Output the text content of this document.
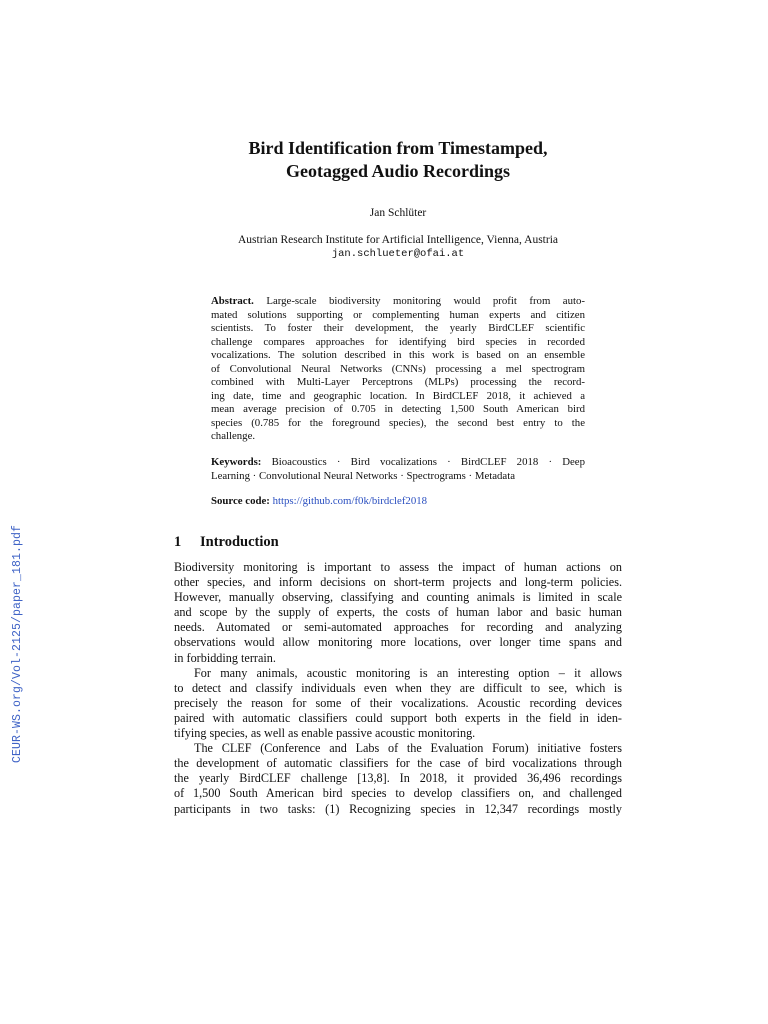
CEUR-WS.org/Vol-2125/paper_181.pdf
Bird Identification from Timestamped,
Geotagged Audio Recordings
Jan Schlüter
Austrian Research Institute for Artificial Intelligence, Vienna, Austria
jan.schlueter@ofai.at
Abstract. Large-scale biodiversity monitoring would profit from auto-
mated solutions supporting or complementing human experts and citizen
scientists. To foster their development, the yearly BirdCLEF scientific
challenge compares approaches for identifying bird species in recorded
vocalizations. The solution described in this work is based on an ensemble
of Convolutional Neural Networks (CNNs) processing a mel spectrogram
combined with Multi-Layer Perceptrons (MLPs) processing the record-
ing date, time and geographic location. In BirdCLEF 2018, it achieved a
mean average precision of 0.705 in detecting 1,500 South American bird
species (0.785 for the foreground species), the second best entry to the
challenge.
Keywords: Bioacoustics · Bird vocalizations · BirdCLEF 2018 · Deep
Learning · Convolutional Neural Networks · Spectrograms · Metadata
Source code: https://github.com/f0k/birdclef2018
1 Introduction
Biodiversity monitoring is important to assess the impact of human actions on
other species, and inform decisions on short-term projects and long-term policies.
However, manually observing, classifying and counting animals is limited in scale
and scope by the supply of experts, the costs of human labor and basic human
needs. Automated or semi-automated approaches for recording and analyzing
observations would allow monitoring more locations, over longer time spans and
in forbidding terrain.
For many animals, acoustic monitoring is an interesting option – it allows
to detect and classify individuals even when they are difficult to see, which is
precisely the reason for some of their vocalizations. Acoustic recording devices
paired with automatic classifiers could support both experts in the field in iden-
tifying species, as well as enable passive acoustic monitoring.
The CLEF (Conference and Labs of the Evaluation Forum) initiative fosters
the development of automatic classifiers for the case of bird vocalizations through
the yearly BirdCLEF challenge [13,8]. In 2018, it provided 36,496 recordings
of 1,500 South American bird species to develop classifiers on, and challenged
participants in two tasks: (1) Recognizing species in 12,347 recordings mostly
